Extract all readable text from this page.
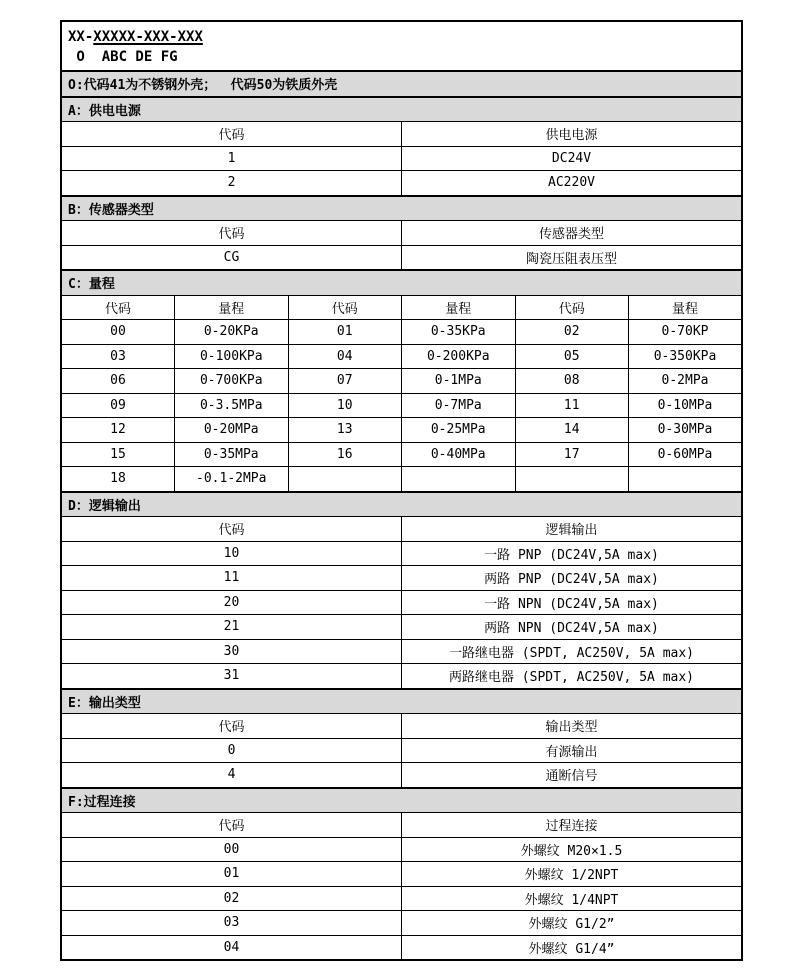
XX-XXXXX-XXX-XXX
O  ABC DE FG					

O:代码41为不锈钢外壳；　 代码50为铁质外壳					
A：供电电源					
代码			供电电源		
1			DC24V		
2			AC220V		
B：传感器类型					
代码			传感器类型		
CG			陶瓷压阻表压型		
C：量程					
代码	量程	代码	量程	代码	量程
00	0-20KPa	01	0-35KPa	02	0-70KP
03	0-100KPa	04	0-200KPa	05	0-350KPa
06	0-700KPa	07	0-1MPa	08	0-2MPa
09	0-3.5MPa	10	0-7MPa	11	0-10MPa
12	0-20MPa	13	0-25MPa	14	0-30MPa
15	0-35MPa	16	0-40MPa	17	0-60MPa
18	-0.1-2MPa				
D：逻辑输出					
代码			逻辑输出		
10			一路 PNP (DC24V,5A max)		
11			两路 PNP (DC24V,5A max)		
20			一路 NPN (DC24V,5A max)		
21			两路 NPN (DC24V,5A max)		
30			一路继电器 (SPDT, AC250V, 5A max)		
31			两路继电器 (SPDT, AC250V, 5A max)		
E：输出类型					
代码			输出类型		
0			有源输出		
4			通断信号		
F:过程连接					
代码			过程连接		
00			外螺纹 M20×1.5		
01			外螺纹 1/2NPT		
02			外螺纹 1/4NPT		
03			外螺纹 G1/2”		
04			外螺纹 G1/4”		
